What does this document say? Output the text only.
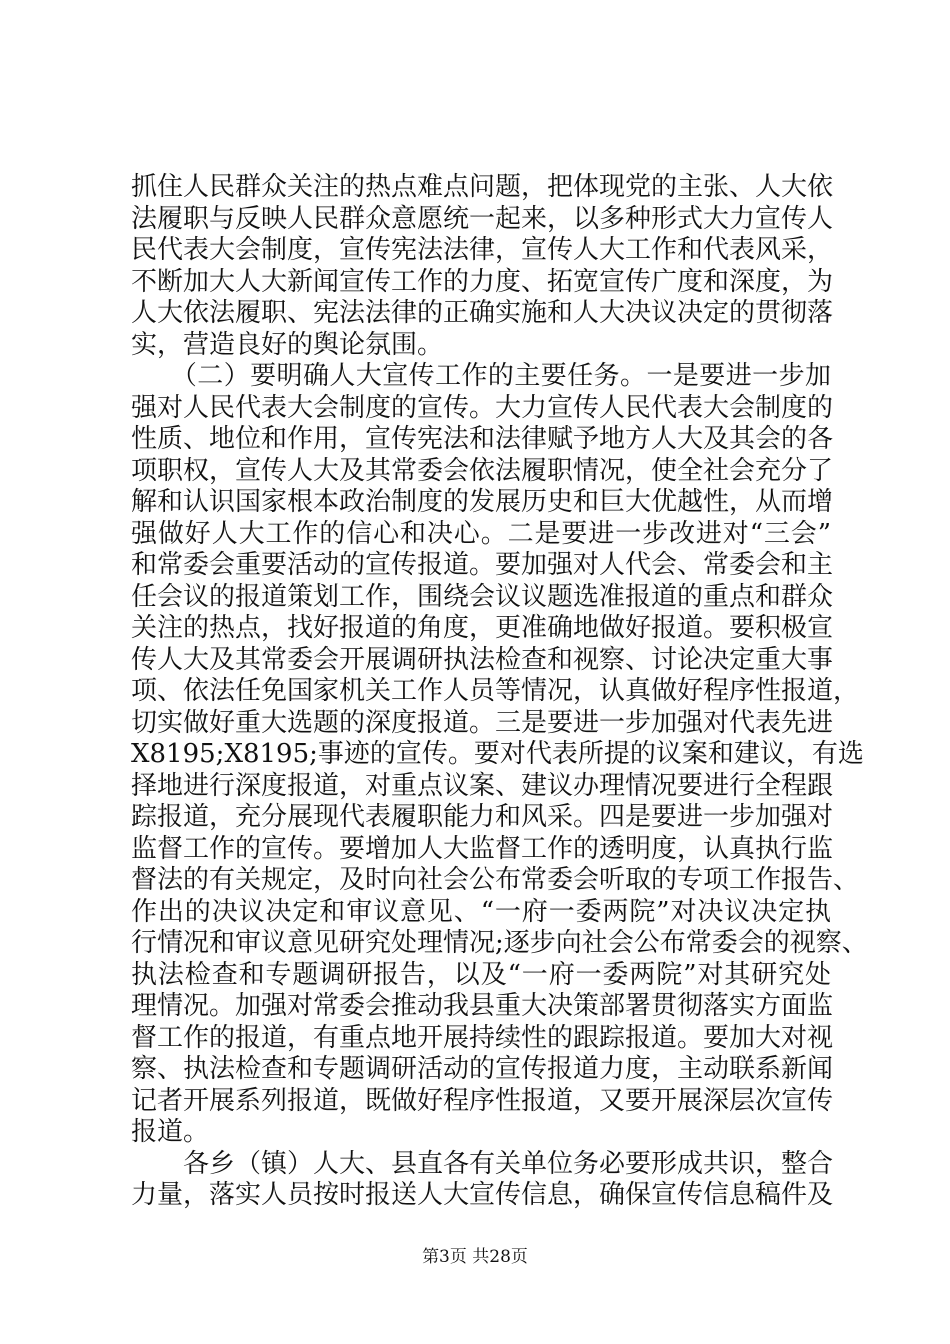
抓住人民群众关注的热点难点问题，把体现党的主张、人大依
法履职与反映人民群众意愿统一起来，以多种形式大力宣传人
民代表大会制度，宣传宪法法律，宣传人大工作和代表风采，
不断加大人大新闻宣传工作的力度、拓宽宣传广度和深度，为
人大依法履职、宪法法律的正确实施和人大决议决定的贯彻落
实，营造良好的舆论氛围。
　　（二）要明确人大宣传工作的主要任务。一是要进一步加
强对人民代表大会制度的宣传。大力宣传人民代表大会制度的
性质、地位和作用，宣传宪法和法律赋予地方人大及其会的各
项职权，宣传人大及其常委会依法履职情况，使全社会充分了
解和认识国家根本政治制度的发展历史和巨大优越性，从而增
强做好人大工作的信心和决心。二是要进一步改进对“三会”
和常委会重要活动的宣传报道。要加强对人代会、常委会和主
任会议的报道策划工作，围绕会议议题选准报道的重点和群众
关注的热点，找好报道的角度，更准确地做好报道。要积极宣
传人大及其常委会开展调研执法检查和视察、讨论决定重大事
项、依法任免国家机关工作人员等情况，认真做好程序性报道，
切实做好重大选题的深度报道。三是要进一步加强对代表先进
X8195;X8195;事迹的宣传。要对代表所提的议案和建议，有选
择地进行深度报道，对重点议案、建议办理情况要进行全程跟
踪报道，充分展现代表履职能力和风采。四是要进一步加强对
监督工作的宣传。要增加人大监督工作的透明度，认真执行监
督法的有关规定，及时向社会公布常委会听取的专项工作报告、
作出的决议决定和审议意见、“一府一委两院”对决议决定执
行情况和审议意见研究处理情况;逐步向社会公布常委会的视察、
执法检查和专题调研报告，以及“一府一委两院”对其研究处
理情况。加强对常委会推动我县重大决策部署贯彻落实方面监
督工作的报道，有重点地开展持续性的跟踪报道。要加大对视
察、执法检查和专题调研活动的宣传报道力度，主动联系新闻
记者开展系列报道，既做好程序性报道，又要开展深层次宣传
报道。
　　各乡（镇）人大、县直各有关单位务必要形成共识，整合
力量，落实人员按时报送人大宣传信息，确保宣传信息稿件及
第3页 共28页
